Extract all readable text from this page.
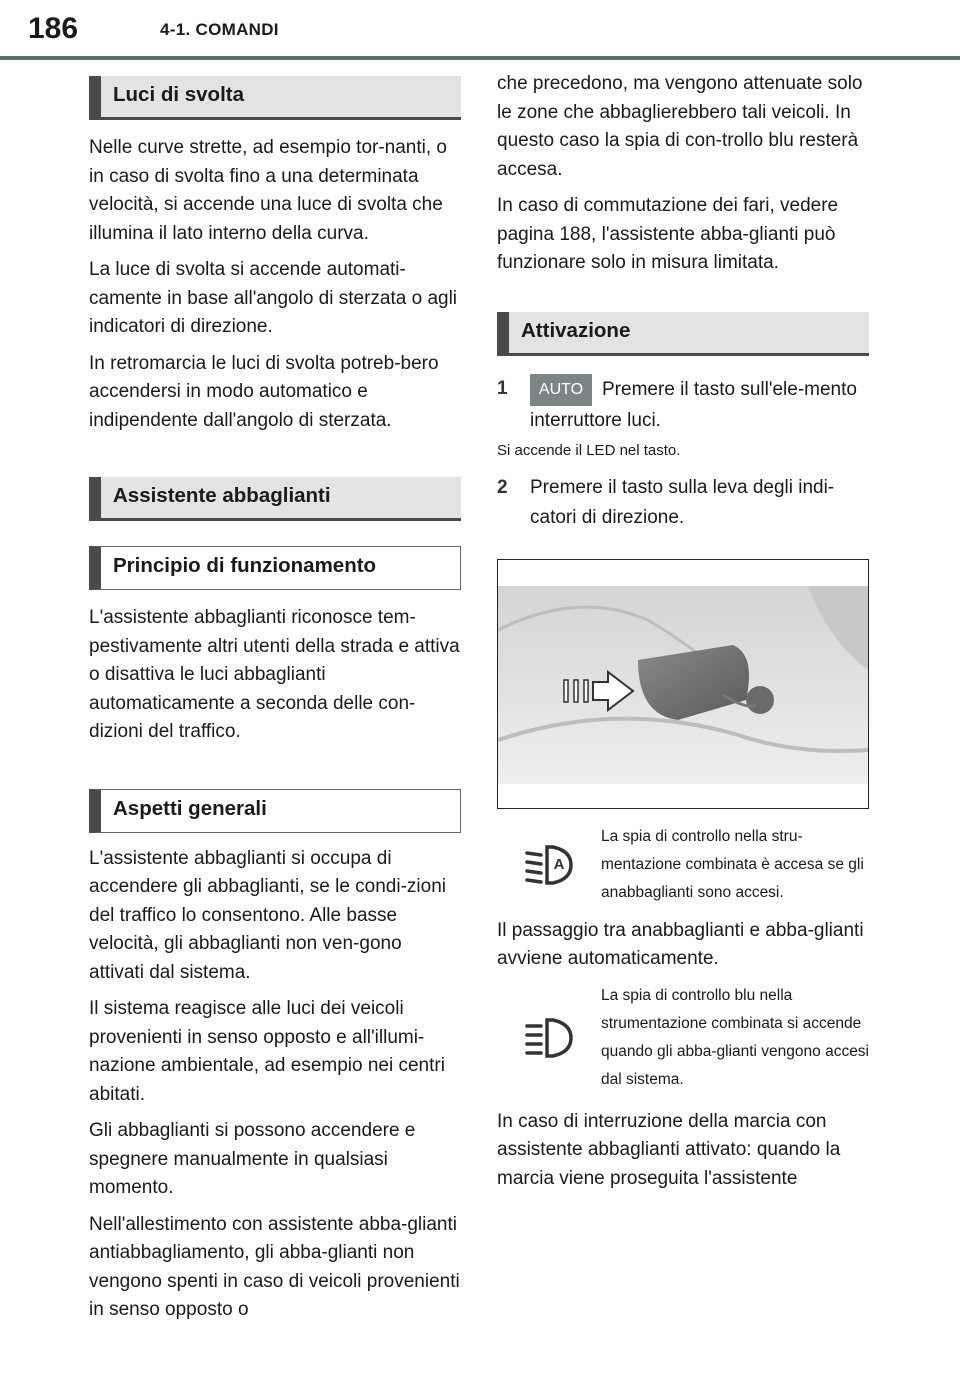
186	4-1. COMANDI
Luci di svolta

Nelle curve strette, ad esempio tor-nanti, o in caso di svolta fino a una determinata velocità, si accende una luce di svolta che illumina il lato interno della curva.

La luce di svolta si accende automati-camente in base all'angolo di sterzata o agli indicatori di direzione.

In retromarcia le luci di svolta potreb-bero accendersi in modo automatico e indipendente dall'angolo di sterzata.

Assistente abbaglianti
Principio di funzionamento

L'assistente abbaglianti riconosce tem-pestivamente altri utenti della strada e attiva o disattiva le luci abbaglianti automaticamente a seconda delle con-dizioni del traffico.

Aspetti generali

L'assistente abbaglianti si occupa di accendere gli abbaglianti, se le condi-zioni del traffico lo consentono. Alle basse velocità, gli abbaglianti non ven-gono attivati dal sistema.

Il sistema reagisce alle luci dei veicoli provenienti in senso opposto e all'illumi-nazione ambientale, ad esempio nei centri abitati.

Gli abbaglianti si possono accendere e spegnere manualmente in qualsiasi momento.

Nell'allestimento con assistente abba-glianti antiabbagliamento, gli abba-glianti non vengono spenti in caso di veicoli provenienti in senso opposto o

che precedono, ma vengono attenuate solo le zone che abbaglierebbero tali veicoli. In questo caso la spia di con-trollo blu resterà accesa.

In caso di commutazione dei fari, vedere pagina 188, l'assistente abba-glianti può funzionare solo in misura limitata.

Attivazione
1	AUTO Premere il tasto sull'ele-mento interruttore luci.
Si accende il LED nel tasto.
2	Premere il tasto sulla leva degli indi-catori di direzione.
A
La spia di controllo nella stru-mentazione combinata è accesa se gli anabbaglianti sono accesi.

Il passaggio tra anabbaglianti e abba-glianti avviene automaticamente.

La spia di controllo blu nella strumentazione combinata si accende quando gli abba-glianti vengono accesi dal sistema.

In caso di interruzione della marcia con assistente abbaglianti attivato: quando la marcia viene proseguita l'assistente
